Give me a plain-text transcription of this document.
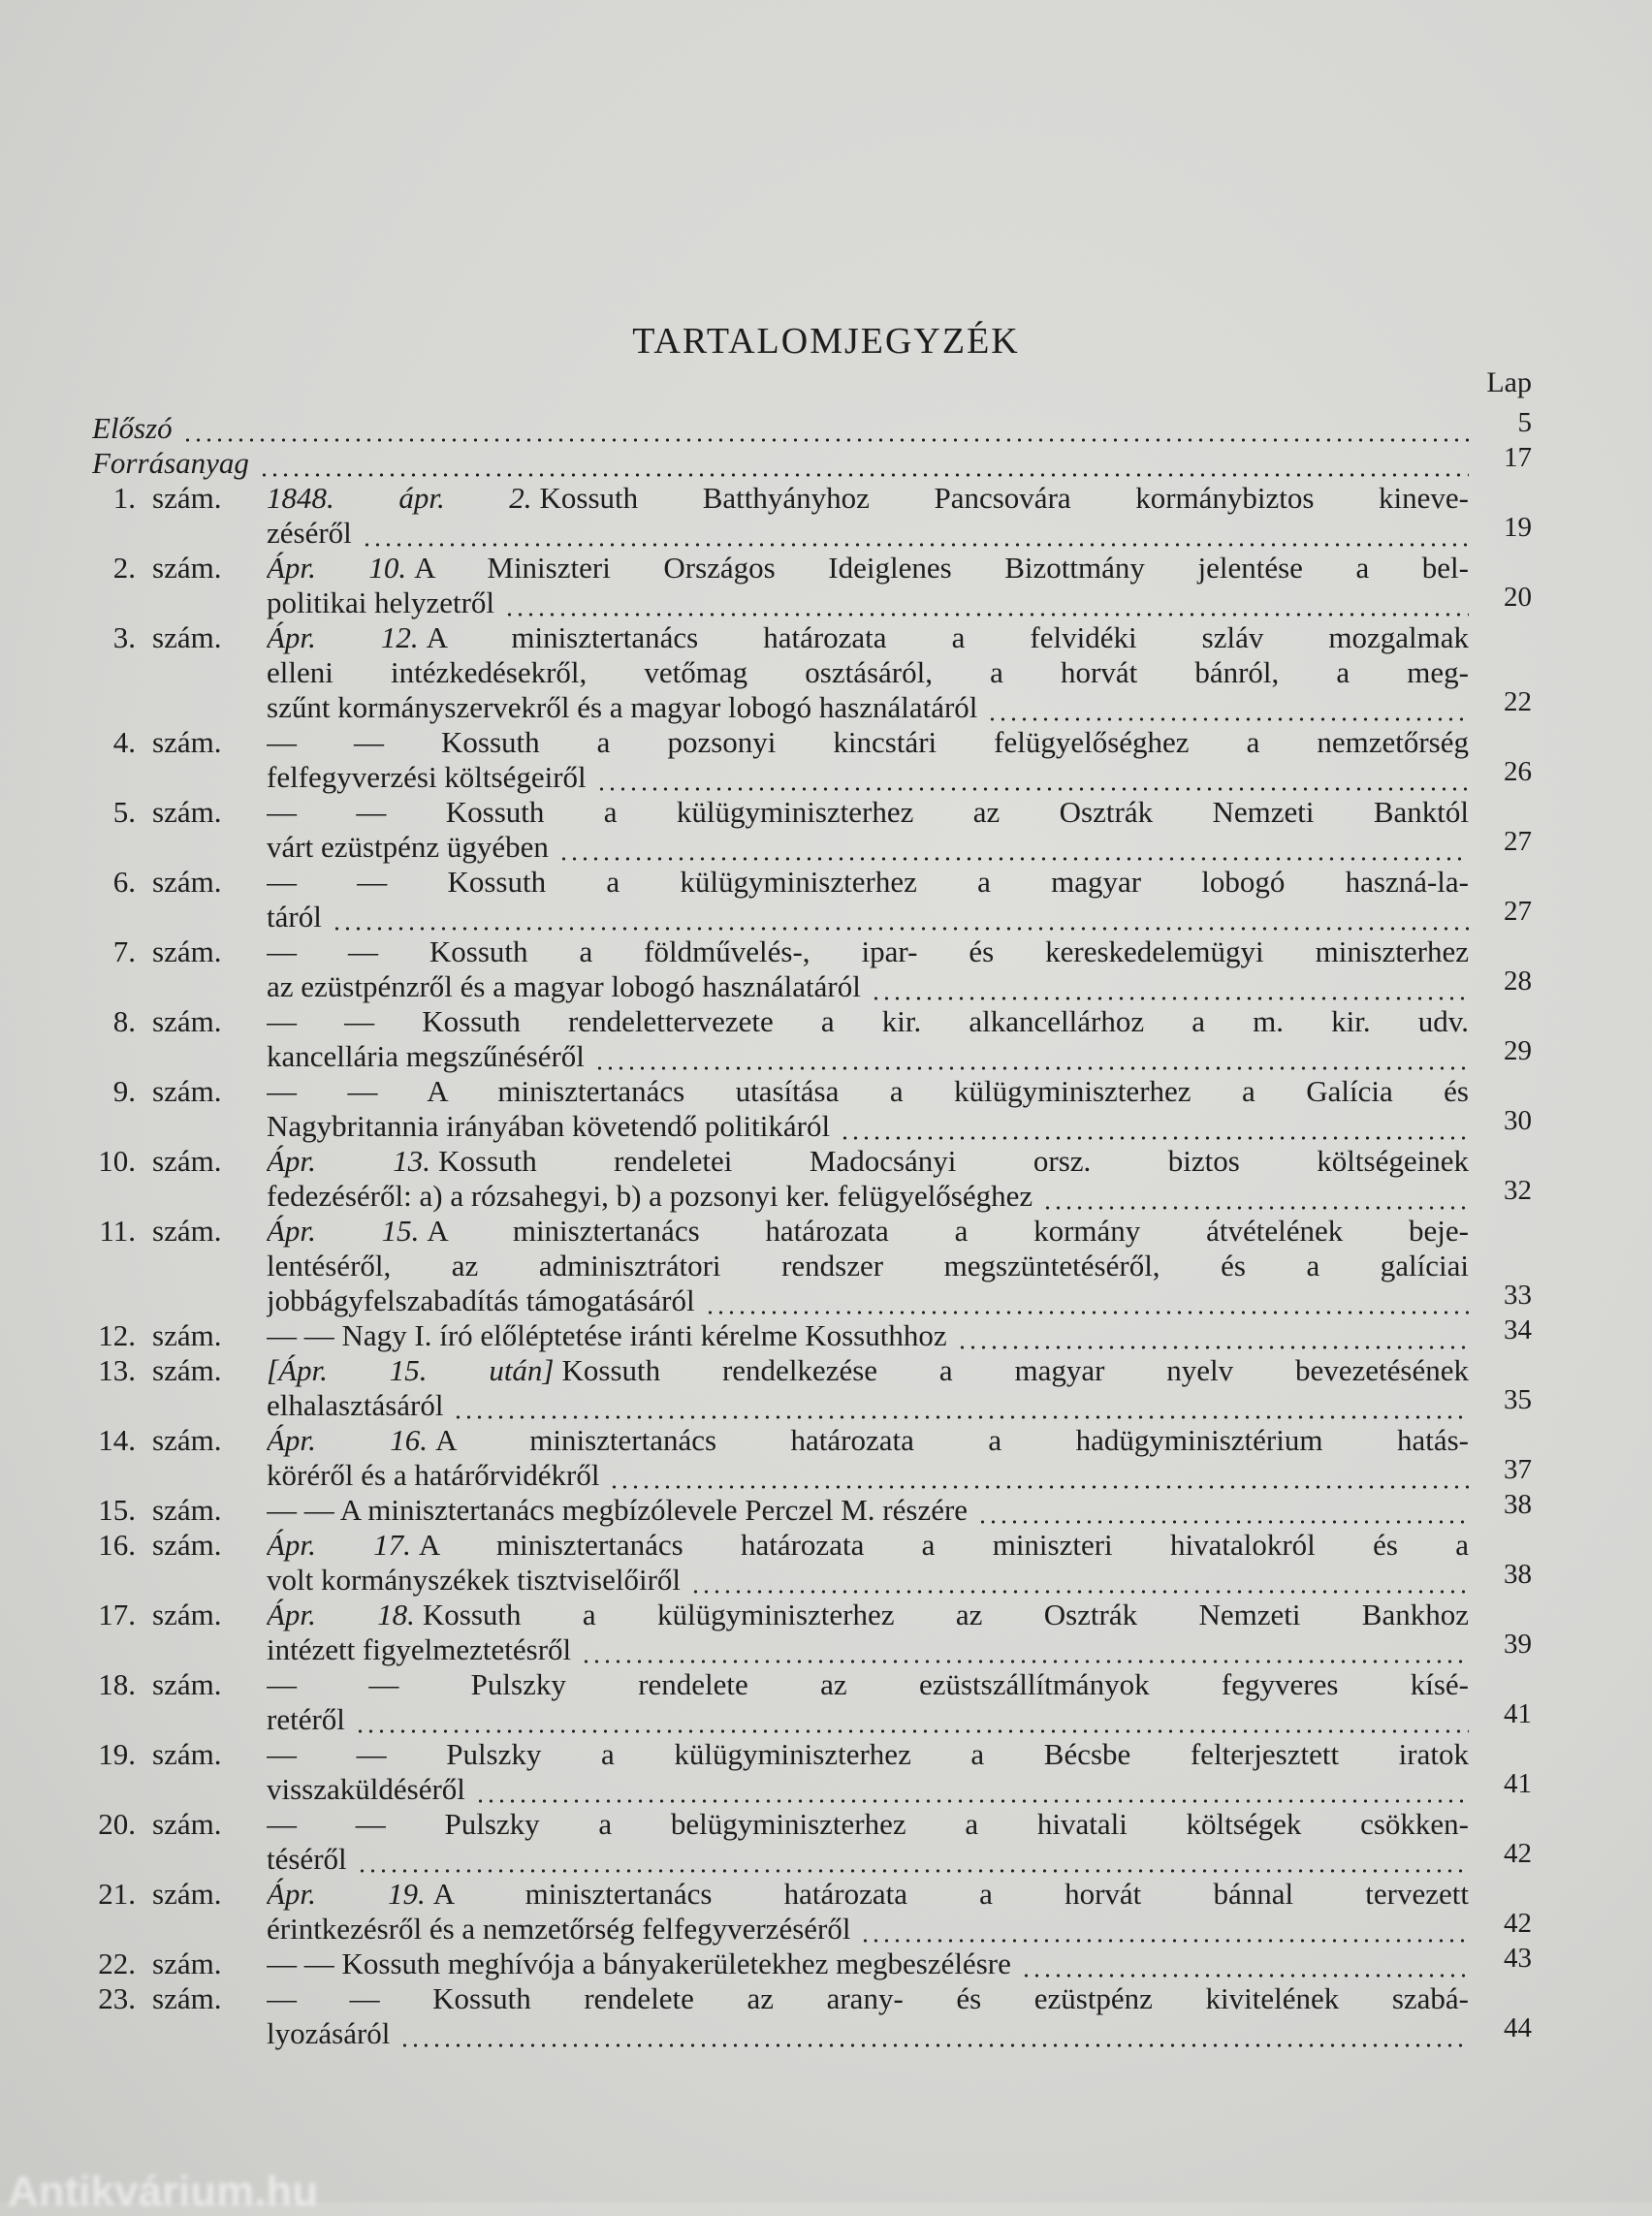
TARTALOMJEGYZÉK
Lap
Előszó	5
Forrásanyag	17
1. szám.	1848. ápr. 2. Kossuth Batthyányhoz Pancsovára kormánybiztos kineve-
zéséről	19
2. szám.	Ápr. 10. A Miniszteri Országos Ideiglenes Bizottmány jelentése a bel-
politikai helyzetről	20
3. szám.	Ápr. 12. A minisztertanács határozata a felvidéki szláv mozgalmak
elleni intézkedésekről, vetőmag osztásáról, a horvát bánról, a meg-
szűnt kormányszervekről és a magyar lobogó használatáról	22
4. szám.	— — Kossuth a pozsonyi kincstári felügyelőséghez a nemzetőrség
felfegyverzési költségeiről	26
5. szám.	— — Kossuth a külügyminiszterhez az Osztrák Nemzeti Banktól
várt ezüstpénz ügyében	27
6. szám.	— — Kossuth a külügyminiszterhez a magyar lobogó haszná-la-
táról	27
7. szám.	— — Kossuth a földművelés-, ipar- és kereskedelemügyi miniszterhez
az ezüstpénzről és a magyar lobogó használatáról	28
8. szám.	— — Kossuth rendelettervezete a kir. alkancellárhoz a m. kir. udv.
kancellária megszűnéséről	29
9. szám.	— — A minisztertanács utasítása a külügyminiszterhez a Galícia és
Nagybritannia irányában követendő politikáról	30
10. szám.	Ápr. 13. Kossuth rendeletei Madocsányi orsz. biztos költségeinek
fedezéséről: a) a rózsahegyi, b) a pozsonyi ker. felügyelőséghez	32
11. szám.	Ápr. 15. A minisztertanács határozata a kormány átvételének beje-
lentéséről, az adminisztrátori rendszer megszüntetéséről, és a galíciai
jobbágyfelszabadítás támogatásáról	33
12. szám.	— — Nagy I. író előléptetése iránti kérelme Kossuthhoz	34
13. szám.	[Ápr. 15. után] Kossuth rendelkezése a magyar nyelv bevezetésének
elhalasztásáról	35
14. szám.	Ápr. 16. A minisztertanács határozata a hadügyminisztérium hatás-
köréről és a határőrvidékről	37
15. szám.	— — A minisztertanács megbízólevele Perczel M. részére	38
16. szám.	Ápr. 17. A minisztertanács határozata a miniszteri hivatalokról és a
volt kormányszékek tisztviselőiről	38
17. szám.	Ápr. 18. Kossuth a külügyminiszterhez az Osztrák Nemzeti Bankhoz
intézett figyelmeztetésről	39
18. szám.	— — Pulszky rendelete az ezüstszállítmányok fegyveres kísé-
retéről	41
19. szám.	— — Pulszky a külügyminiszterhez a Bécsbe felterjesztett iratok
visszaküldéséről	41
20. szám.	— — Pulszky a belügyminiszterhez a hivatali költségek csökken-
téséről	42
21. szám.	Ápr. 19. A minisztertanács határozata a horvát bánnal tervezett
érintkezésről és a nemzetőrség felfegyverzéséről	42
22. szám.	— — Kossuth meghívója a bányakerületekhez megbeszélésre	43
23. szám.	— — Kossuth rendelete az arany- és ezüstpénz kivitelének szabá-
lyozásáról	44
Antikvárium.hu
